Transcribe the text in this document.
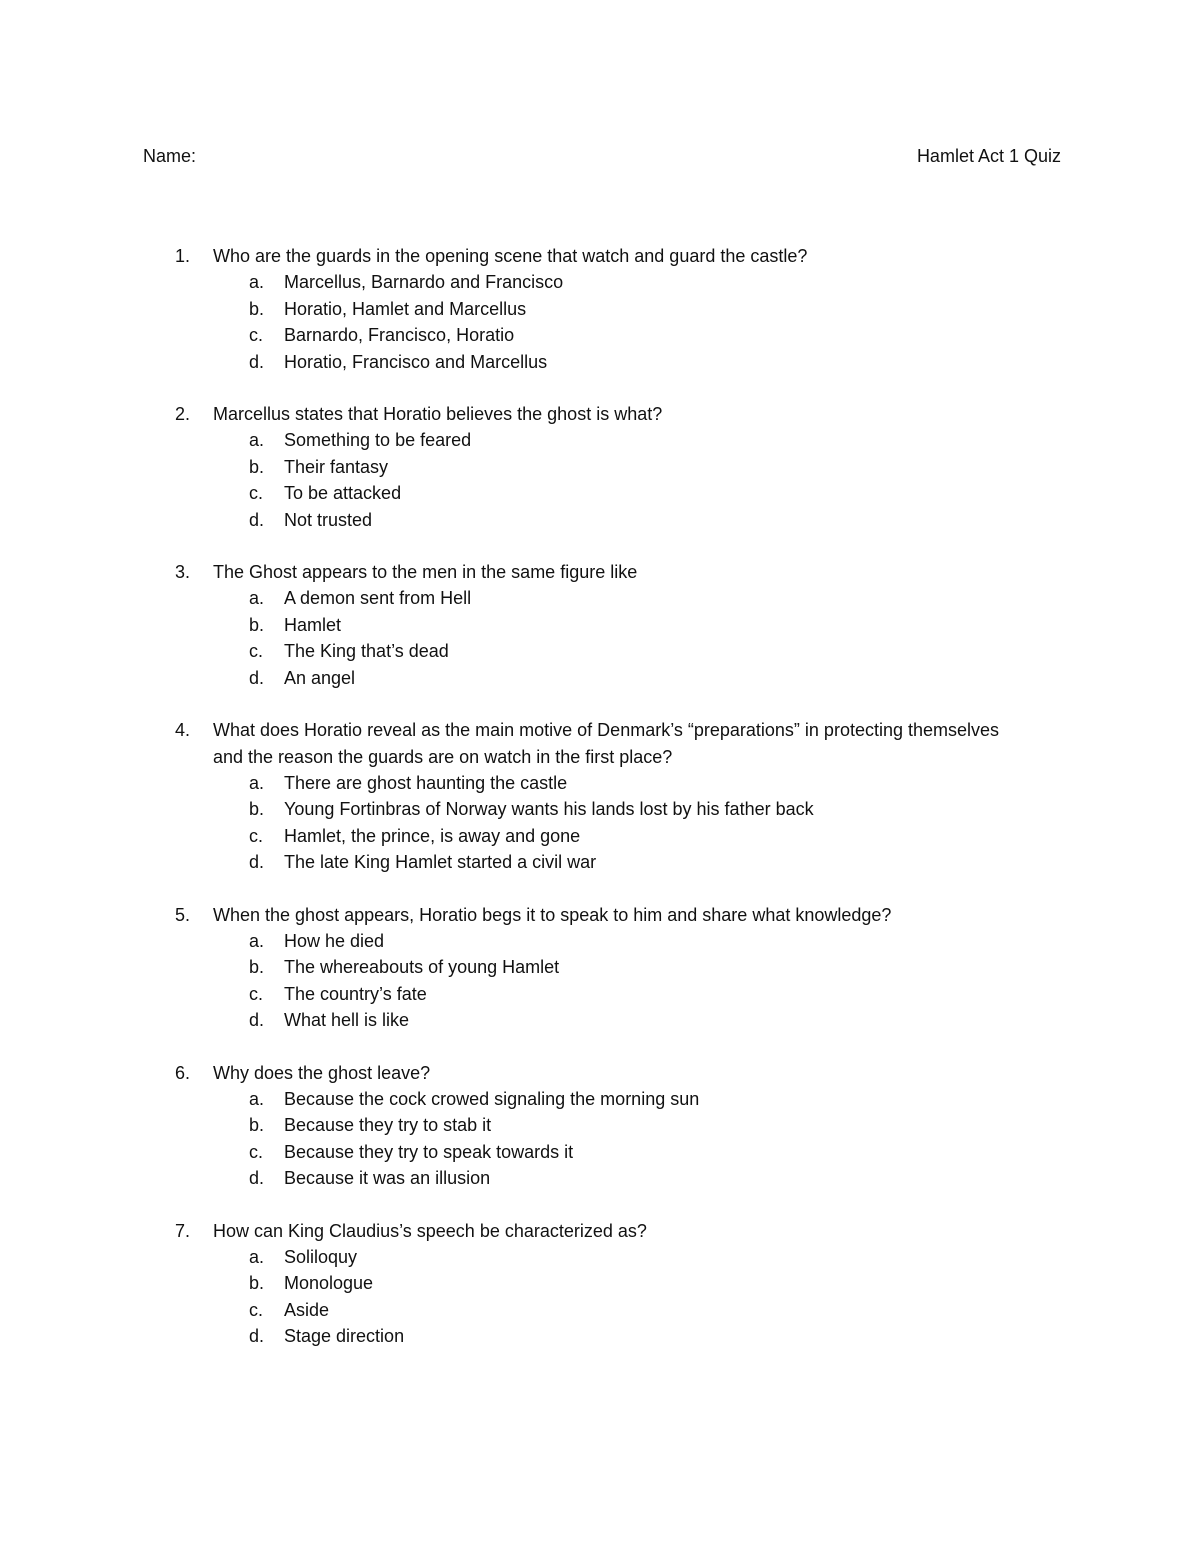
Name:	Hamlet Act 1 Quiz
1. Who are the guards in the opening scene that watch and guard the castle?
a. Marcellus, Barnardo and Francisco
b. Horatio, Hamlet and Marcellus
c. Barnardo, Francisco, Horatio
d. Horatio, Francisco and Marcellus
2. Marcellus states that Horatio believes the ghost is what?
a. Something to be feared
b. Their fantasy
c. To be attacked
d. Not trusted
3. The Ghost appears to the men in the same figure like
a. A demon sent from Hell
b. Hamlet
c. The King that’s dead
d. An angel
4. What does Horatio reveal as the main motive of Denmark’s “preparations” in protecting themselves and the reason the guards are on watch in the first place?
a. There are ghost haunting the castle
b. Young Fortinbras of Norway wants his lands lost by his father back
c. Hamlet, the prince, is away and gone
d. The late King Hamlet started a civil war
5. When the ghost appears, Horatio begs it to speak to him and share what knowledge?
a. How he died
b. The whereabouts of young Hamlet
c. The country’s fate
d. What hell is like
6. Why does the ghost leave?
a. Because the cock crowed signaling the morning sun
b. Because they try to stab it
c. Because they try to speak towards it
d. Because it was an illusion
7. How can King Claudius’s speech be characterized as?
a. Soliloquy
b. Monologue
c. Aside
d. Stage direction
